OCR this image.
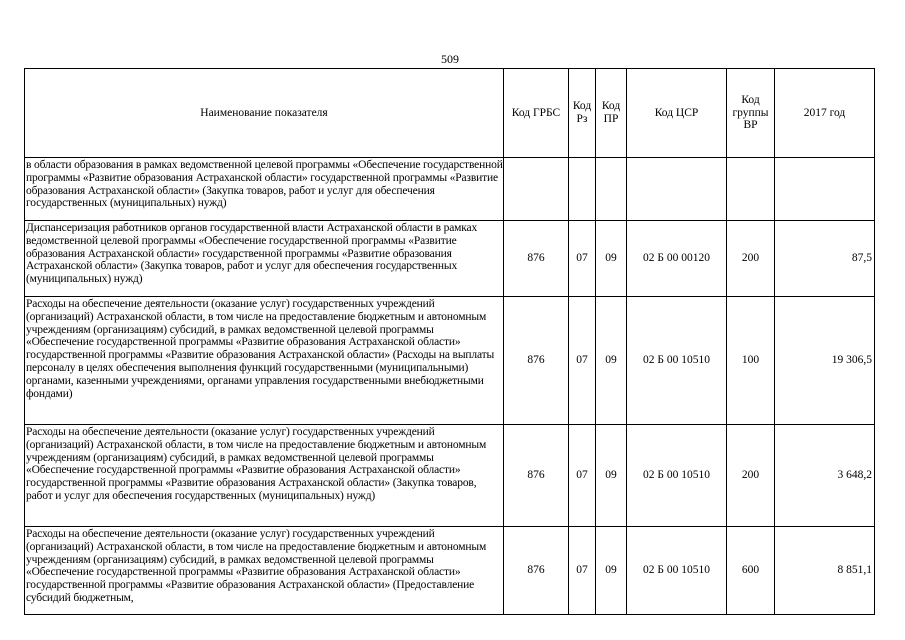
509
Наименование показателя	Код ГРБС	Код Рз	Код ПР	Код ЦСР	Код группы ВР	2017 год
в области образования в рамках ведомственной целевой программы «Обеспечение государственной программы «Развитие образования Астраханской области» государственной программы «Развитие образования Астраханской области» (Закупка товаров, работ и услуг для обеспечения государственных (муниципальных) нужд)						
Диспансеризация работников органов государственной власти Астраханской области в рамках ведомственной целевой программы «Обеспечение государственной программы «Развитие образования Астраханской области» государственной программы «Развитие образования Астраханской области» (Закупка товаров, работ и услуг для обеспечения государственных (муниципальных) нужд)	876	07	09	02 Б 00 00120	200	87,5
Расходы на обеспечение деятельности (оказание услуг) государственных учреждений (организаций) Астраханской области, в том числе на предоставление бюджетным и автономным учреждениям (организациям) субсидий, в рамках ведомственной целевой программы «Обеспечение государственной программы «Развитие образования Астраханской области» государственной программы «Развитие образования Астраханской области» (Расходы на выплаты персоналу в целях обеспечения выполнения функций государственными (муниципальными) органами, казенными учреждениями, органами управления государственными внебюджетными фондами)	876	07	09	02 Б 00 10510	100	19 306,5
Расходы на обеспечение деятельности (оказание услуг) государственных учреждений (организаций) Астраханской области, в том числе на предоставление бюджетным и автономным учреждениям (организациям) субсидий, в рамках ведомственной целевой программы «Обеспечение государственной программы «Развитие образования Астраханской области» государственной программы «Развитие образования Астраханской области» (Закупка товаров, работ и услуг для обеспечения государственных (муниципальных) нужд)	876	07	09	02 Б 00 10510	200	3 648,2
Расходы на обеспечение деятельности (оказание услуг) государственных учреждений (организаций) Астраханской области, в том числе на предоставление бюджетным и автономным учреждениям (организациям) субсидий, в рамках ведомственной целевой программы «Обеспечение государственной программы «Развитие образования Астраханской области» государственной программы «Развитие образования Астраханской области» (Предоставление субсидий бюджетным,	876	07	09	02 Б 00 10510	600	8 851,1
